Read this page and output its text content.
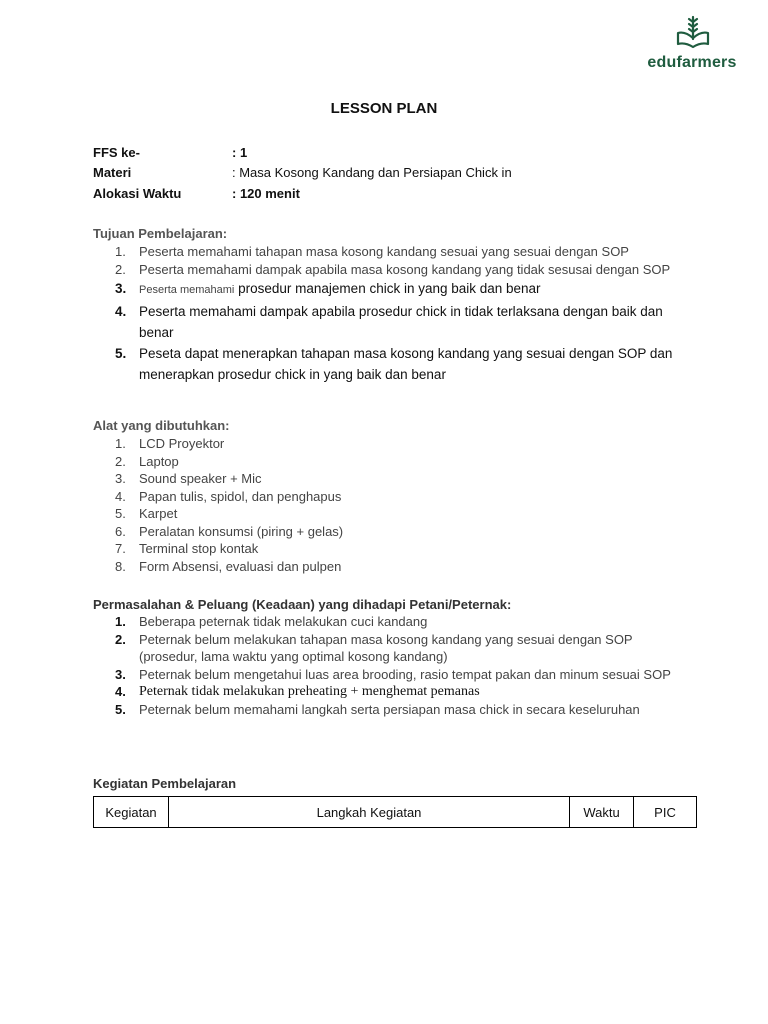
edufarmers
LESSON PLAN
FFS ke-	: 1
Materi	: Masa Kosong Kandang dan Persiapan Chick in
Alokasi Waktu	: 120 menit
Tujuan Pembelajaran:
1. Peserta memahami tahapan masa kosong kandang sesuai yang sesuai dengan SOP
2. Peserta memahami dampak apabila masa kosong kandang yang tidak sesusai dengan SOP
3. Peserta memahami prosedur manajemen chick in yang baik dan benar
4. Peserta memahami dampak apabila prosedur chick in tidak terlaksana dengan baik dan benar
5. Peseta dapat menerapkan tahapan masa kosong kandang yang sesuai dengan SOP dan menerapkan prosedur chick in yang baik dan benar
Alat yang dibutuhkan:
1. LCD Proyektor
2. Laptop
3. Sound speaker + Mic
4. Papan tulis, spidol, dan penghapus
5. Karpet
6. Peralatan konsumsi (piring + gelas)
7. Terminal stop kontak
8. Form Absensi, evaluasi dan pulpen
Permasalahan & Peluang (Keadaan) yang dihadapi Petani/Peternak:
1. Beberapa peternak tidak melakukan cuci kandang
2. Peternak belum melakukan tahapan masa kosong kandang yang sesuai dengan SOP (prosedur, lama waktu yang optimal kosong kandang)
3. Peternak belum mengetahui luas area brooding, rasio tempat pakan dan minum sesuai SOP
4. Peternak tidak melakukan preheating + menghemat pemanas
5. Peternak belum memahami langkah serta persiapan masa chick in secara keseluruhan
Kegiatan Pembelajaran
Kegiatan	Langkah Kegiatan	Waktu	PIC
